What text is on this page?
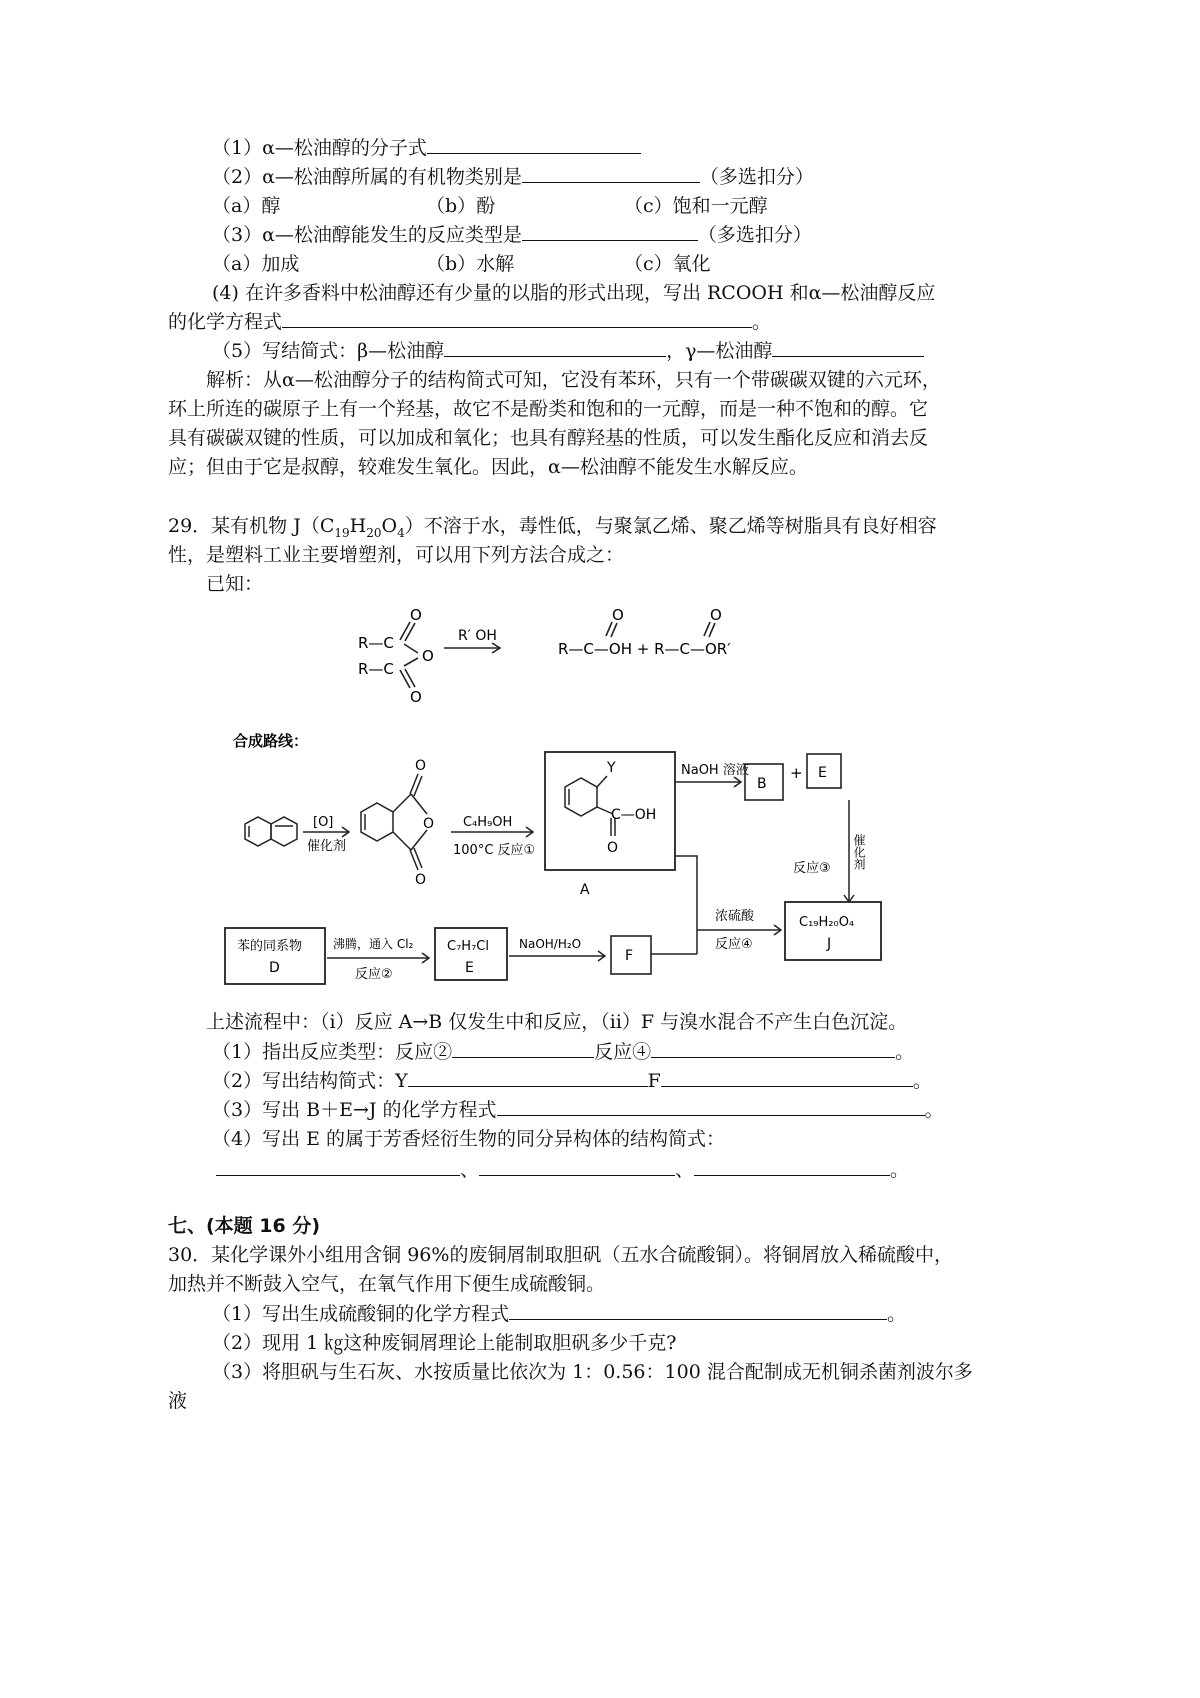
（1）α—松油醇的分子式
（2）α—松油醇所属的有机物类别是	（多选扣分）
（a）醇	（b）酚	（c）饱和一元醇
（3）α—松油醇能发生的反应类型是	（多选扣分）
（a）加成	（b）水解	（c）氧化
(4) 在许多香料中松油醇还有少量的以脂的形式出现，写出 RCOOH 和α—松油醇反应
的化学方程式	。
（5）写结简式：β—松油醇	，γ—松油醇
解析：从α—松油醇分子的结构简式可知，它没有苯环，只有一个带碳碳双键的六元环，
环上所连的碳原子上有一个羟基，故它不是酚类和饱和的一元醇，而是一种不饱和的醇。它
具有碳碳双键的性质，可以加成和氧化；也具有醇羟基的性质，可以发生酯化反应和消去反
应；但由于它是叔醇，较难发生氧化。因此，α—松油醇不能发生水解反应。
29．某有机物 $J(C_{19}H_{20}O_4)$不溶于水，毒性低，与聚氯乙烯、聚乙烯等树脂具有良好相容
性，是塑料工业主要增塑剂，可以用下列方法合成之：
已知：
O
R—C
O
R—C
O
R′ OH
O	O
R—C—OH + R—C—OR′
合成路线：
[O]
催化剂
O
O
O
C₄H₉OH
100°C 反应①
Y
C—OH
O
A
NaOH 溶液
B
+ E
催化剂
反应③
浓硫酸
反应④
C₁₉H₂₀O₄
J
苯的同系物
D
沸腾，通入 Cl₂
反应②
C₇H₇Cl
E
NaOH/H₂O
F
上述流程中：（ⅰ）反应 A→B 仅发生中和反应，（ⅱ）F 与溴水混合不产生白色沉淀。
（1）指出反应类型：反应②	反应④	。
（2）写出结构简式：Y	F	。
（3）写出 B＋E→J 的化学方程式	。
（4）写出 E 的属于芳香烃衍生物的同分异构体的结构简式：
、	、	。
七、(本题 16 分)
30．某化学课外小组用含铜 96%的废铜屑制取胆矾（五水合硫酸铜）。将铜屑放入稀硫酸中，
加热并不断鼓入空气，在氧气作用下便生成硫酸铜。
（1）写出生成硫酸铜的化学方程式	。
（2）现用 1 ㎏这种废铜屑理论上能制取胆矾多少千克?
（3）将胆矾与生石灰、水按质量比依次为 1：0.56：100 混合配制成无机铜杀菌剂波尔多
液
